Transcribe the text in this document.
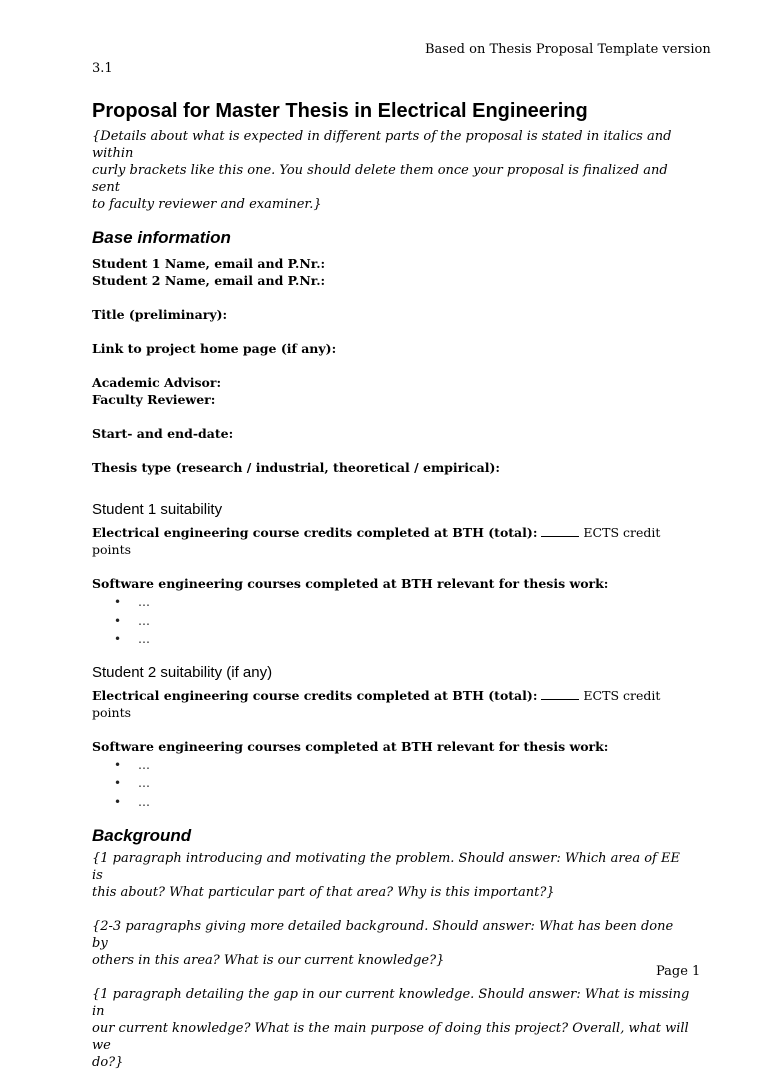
Based on Thesis Proposal Template version
3.1
Proposal for Master Thesis in Electrical Engineering

{Details about what is expected in different parts of the proposal is stated in italics and within
curly brackets like this one. You should delete them once your proposal is finalized and sent
to faculty reviewer and examiner.}

Base information

Student 1 Name, email and P.Nr.:

Student 2 Name, email and P.Nr.:

Title (preliminary):

Link to project home page (if any):

Academic Advisor:

Faculty Reviewer:

Start- and end-date:

Thesis type (research / industrial, theoretical / empirical):

Student 1 suitability

Electrical engineering course credits completed at BTH (total):	ECTS credit points

Software engineering courses completed at BTH relevant for thesis work:

• …
• …
• …
Student 2 suitability (if any)

Electrical engineering course credits completed at BTH (total):	ECTS credit points

Software engineering courses completed at BTH relevant for thesis work:

• …
• …
• …
Background

{1 paragraph introducing and motivating the problem. Should answer: Which area of EE is
this about? What particular part of that area? Why is this important?}

{2-3 paragraphs giving more detailed background. Should answer: What has been done by
others in this area? What is our current knowledge?}

{1 paragraph detailing the gap in our current knowledge. Should answer: What is missing in
our current knowledge? What is the main purpose of doing this project? Overall, what will we
do?}

Page 1
